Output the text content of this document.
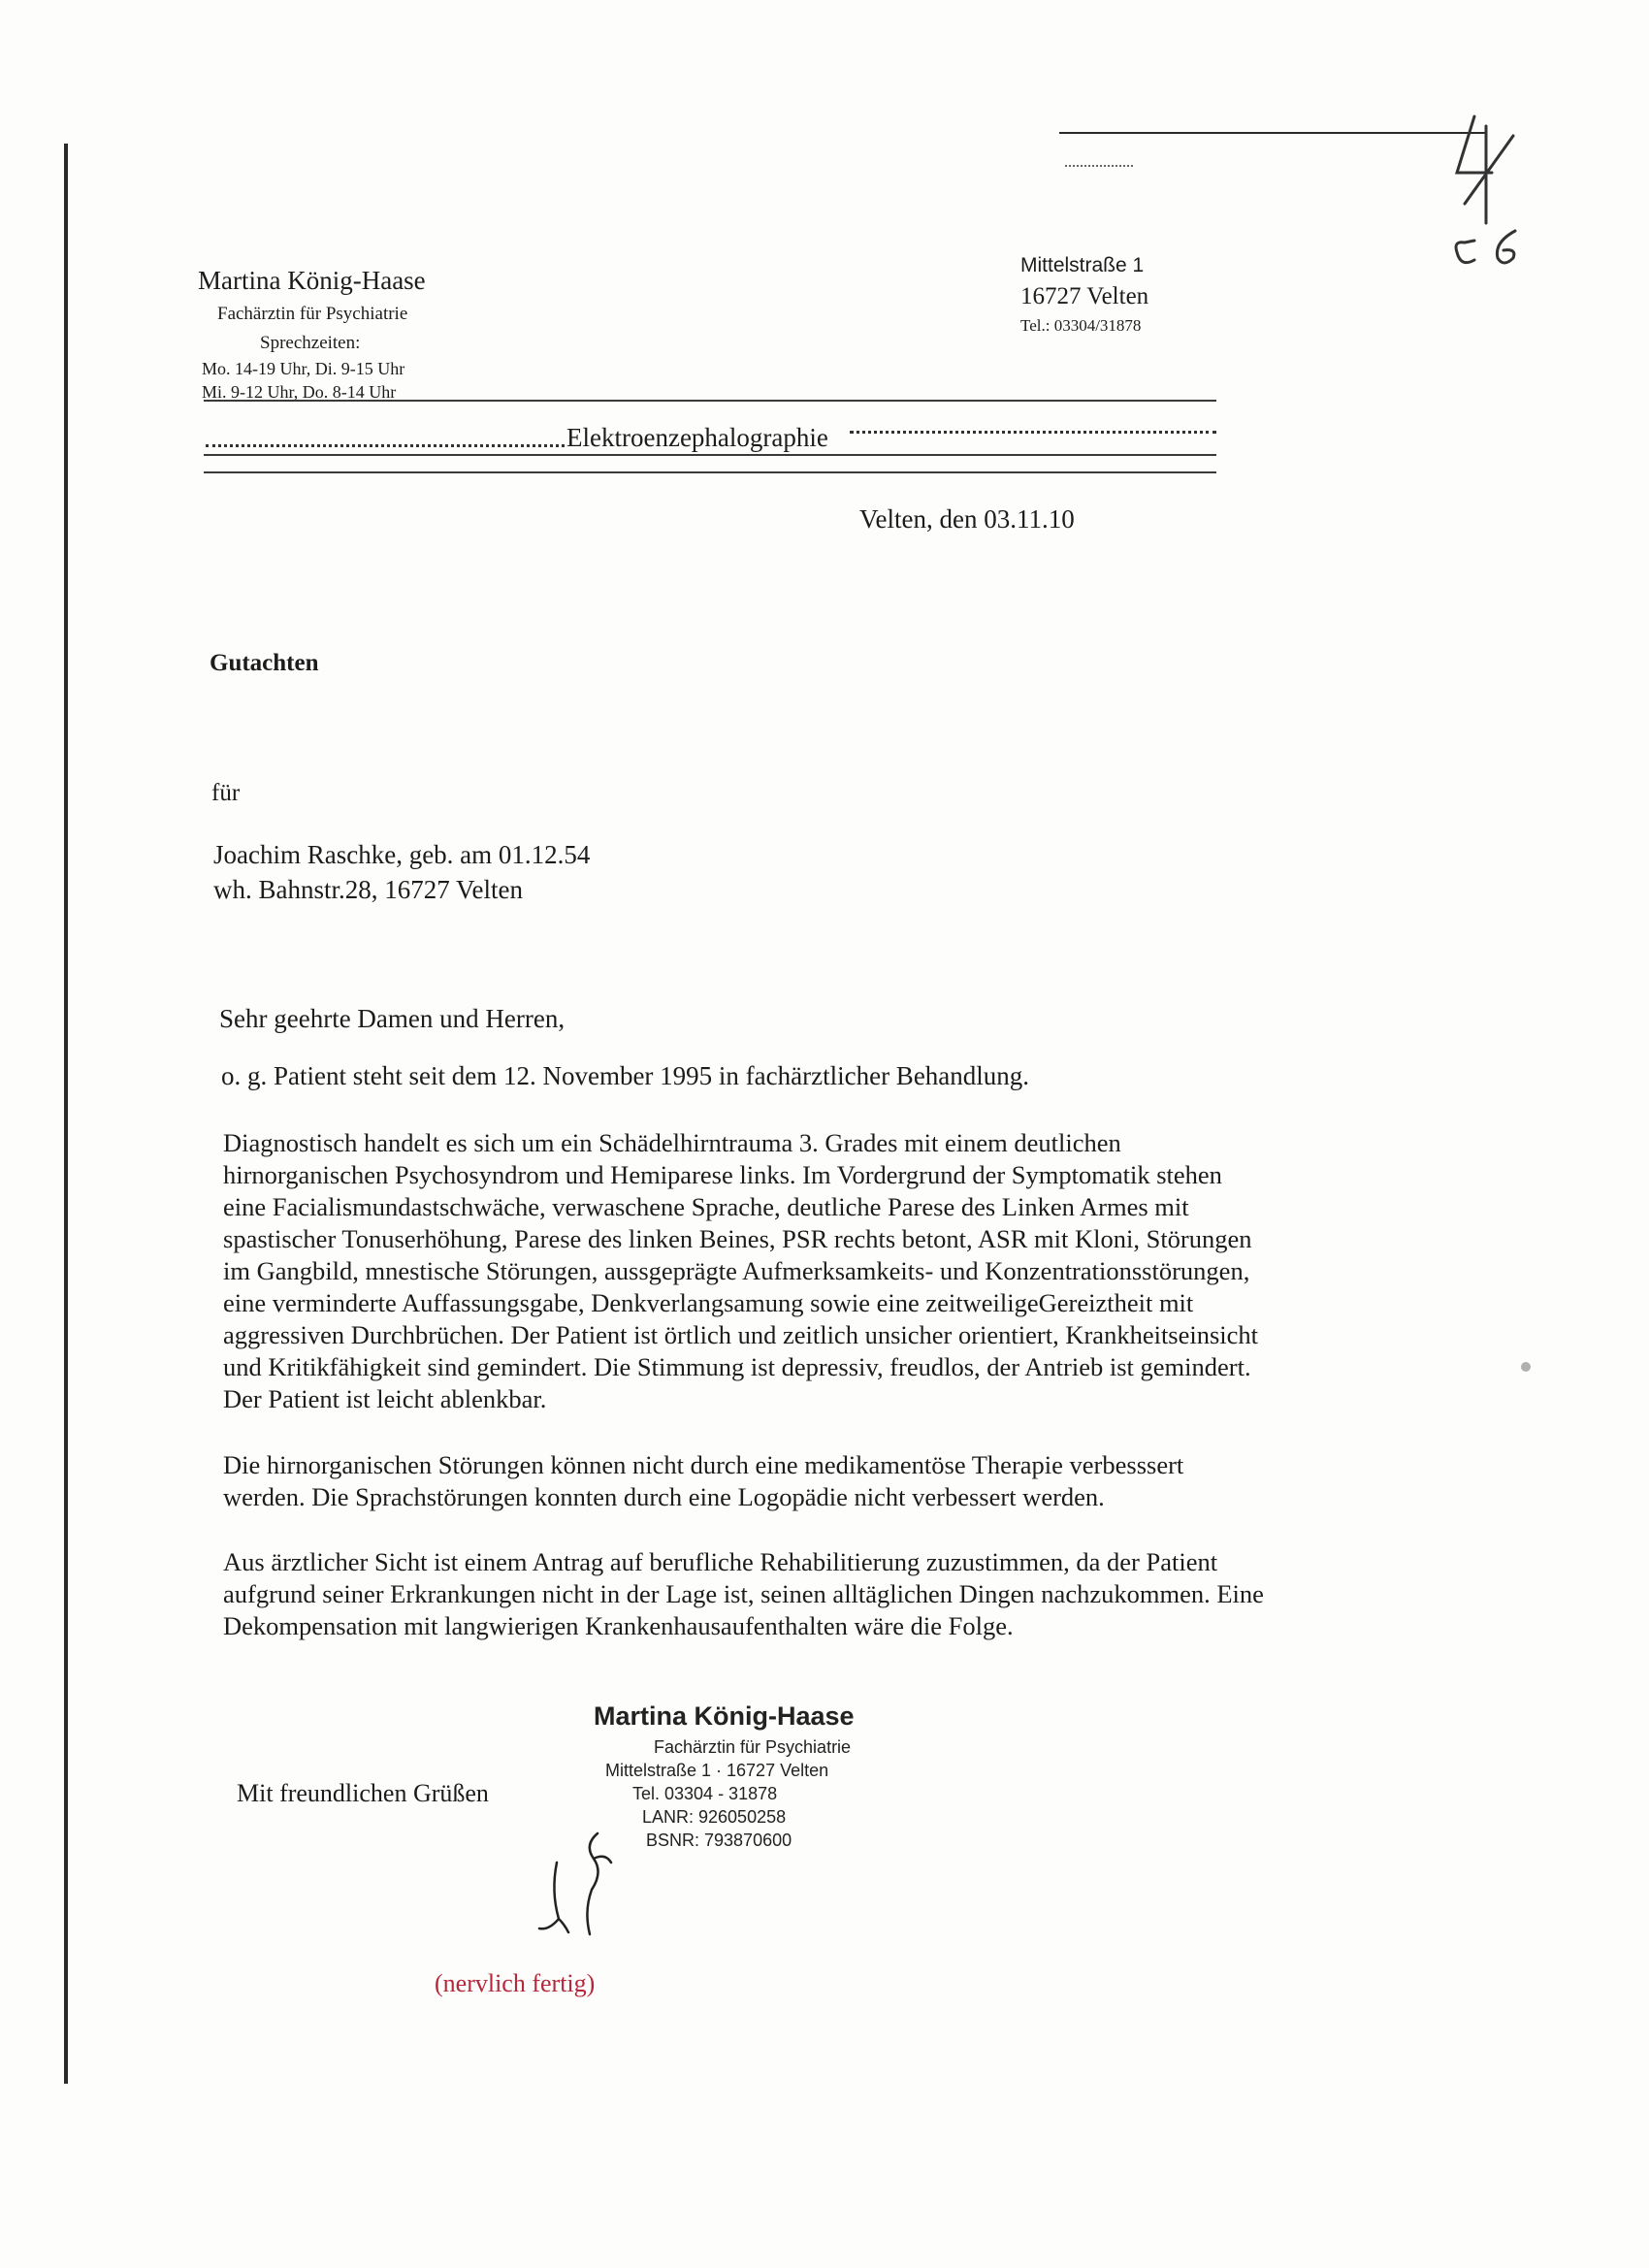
Martina König-Haase
Fachärztin für Psychiatrie
Sprechzeiten:
Mo. 14-19 Uhr, Di. 9-15 Uhr
Mi. 9-12 Uhr, Do. 8-14 Uhr
Mittelstraße 1
16727 Velten
Tel.: 03304/31878
Elektroenzephalographie
Velten, den 03.11.10
Gutachten
für
Joachim Raschke, geb. am 01.12.54
wh. Bahnstr.28, 16727 Velten
Sehr geehrte Damen und Herren,
o. g. Patient steht seit dem 12. November 1995 in fachärztlicher Behandlung.

Diagnostisch handelt es sich um ein Schädelhirntrauma 3. Grades mit einem deutlichen hirnorganischen Psychosyndrom und Hemiparese links. Im Vordergrund der Symptomatik stehen eine Facialismundastschwäche, verwaschene Sprache, deutliche Parese des Linken Armes mit spastischer Tonuserhöhung, Parese des linken Beines, PSR rechts betont, ASR mit Kloni, Störungen im Gangbild, mnestische Störungen, aussgeprägte Aufmerksamkeits- und Konzentrationsstörungen, eine verminderte Auffassungsgabe, Denkverlangsamung sowie eine zeitweiligeGereiztheit mit aggressiven Durchbrüchen. Der Patient ist örtlich und zeitlich unsicher orientiert, Krankheitseinsicht und Kritikfähigkeit sind gemindert. Die Stimmung ist depressiv, freudlos, der Antrieb ist gemindert. Der Patient ist leicht ablenkbar.

Die hirnorganischen Störungen können nicht durch eine medikamentöse Therapie verbesssert werden. Die Sprachstörungen konnten durch eine Logopädie nicht verbessert werden.

Aus ärztlicher Sicht ist einem Antrag auf berufliche Rehabilitierung zuzustimmen, da der Patient aufgrund seiner Erkrankungen nicht in der Lage ist, seinen alltäglichen Dingen nachzukommen. Eine Dekompensation mit langwierigen Krankenhausaufenthalten wäre die Folge.

Mit freundlichen Grüßen
Martina König-Haase
Fachärztin für Psychiatrie
Mittelstraße 1 · 16727 Velten
Tel. 03304 - 31878
LANR: 926050258
BSNR: 793870600
(nervlich fertig)
